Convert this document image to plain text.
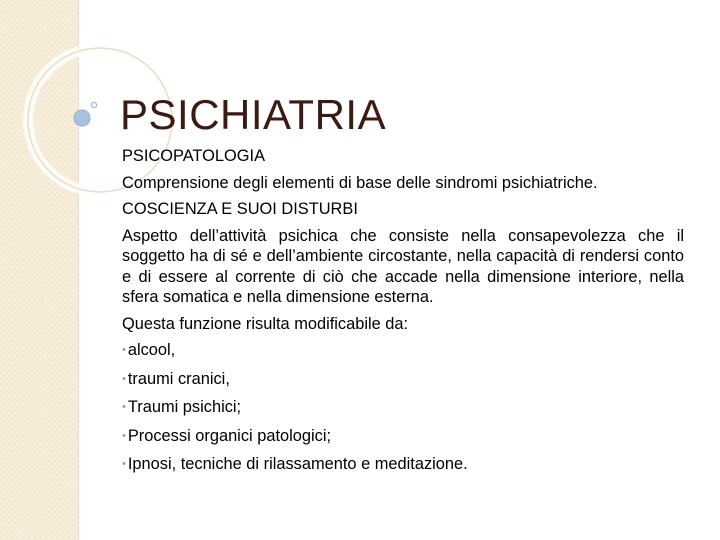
PSICHIATRIA

PSICOPATOLOGIA

Comprensione degli elementi di base delle sindromi psichiatriche.

COSCIENZA E SUOI DISTURBI

Aspetto dell’attività psichica che consiste nella consapevolezza che il soggetto ha di sé e dell’ambiente circostante, nella capacità di rendersi conto e di essere al corrente di ciò che accade nella dimensione interiore, nella sfera somatica e nella dimensione esterna.

Questa funzione risulta modificabile da:

• alcool,
• traumi cranici,
• Traumi psichici;
• Processi organici patologici;
• Ipnosi, tecniche di rilassamento e meditazione.
